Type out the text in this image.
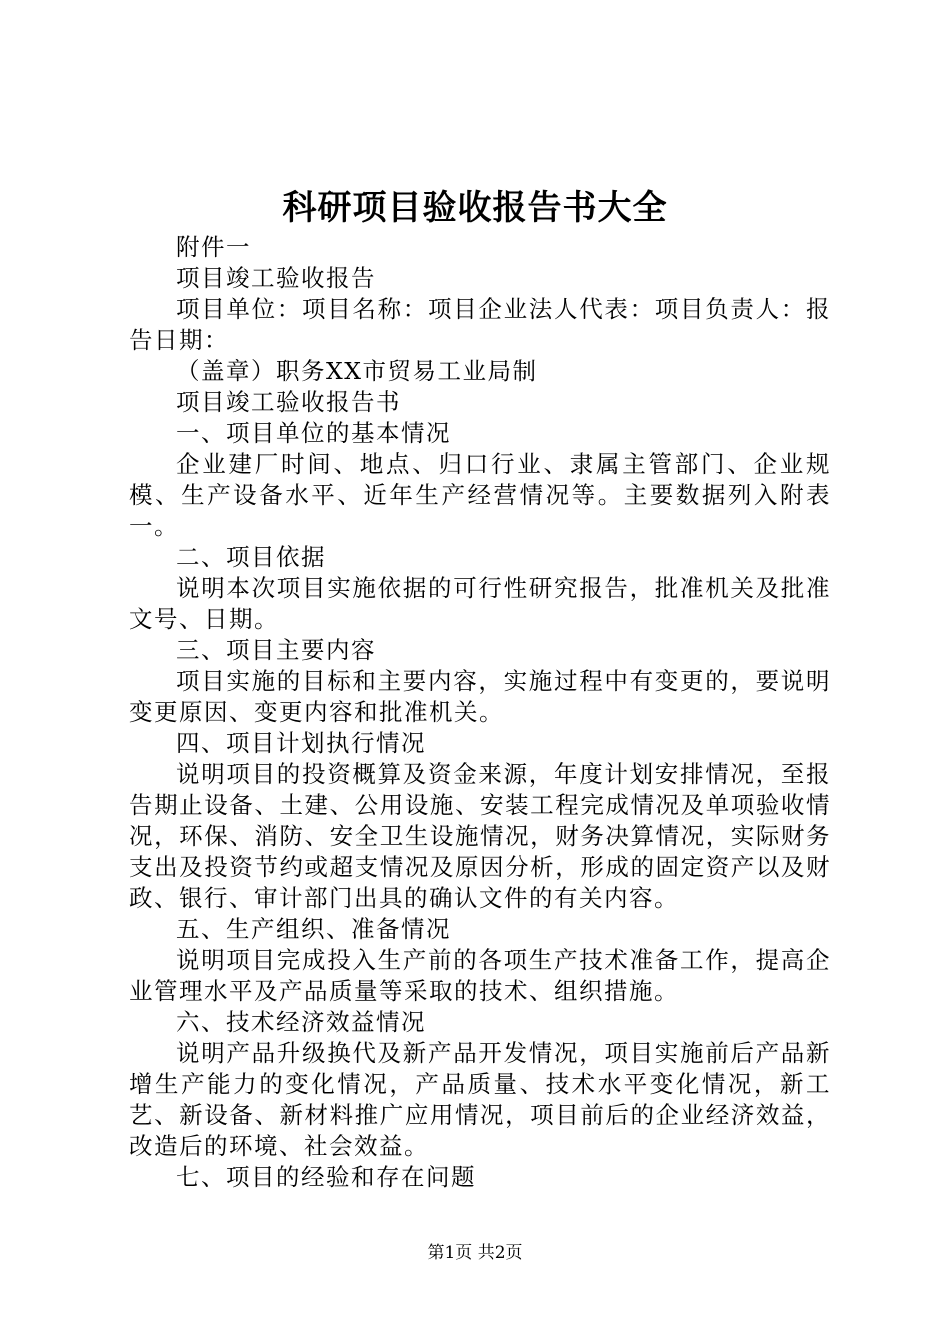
科研项目验收报告书大全

附件一

项目竣工验收报告

项目单位：项目名称：项目企业法人代表：项目负责人：报告日期：

（盖章）职务XX市贸易工业局制

项目竣工验收报告书

一、项目单位的基本情况

企业建厂时间、地点、归口行业、隶属主管部门、企业规模、生产设备水平、近年生产经营情况等。主要数据列入附表一。

二、项目依据

说明本次项目实施依据的可行性研究报告，批准机关及批准文号、日期。

三、项目主要内容

项目实施的目标和主要内容，实施过程中有变更的，要说明变更原因、变更内容和批准机关。

四、项目计划执行情况

说明项目的投资概算及资金来源，年度计划安排情况，至报告期止设备、土建、公用设施、安装工程完成情况及单项验收情况，环保、消防、安全卫生设施情况，财务决算情况，实际财务支出及投资节约或超支情况及原因分析，形成的固定资产以及财政、银行、审计部门出具的确认文件的有关内容。

五、生产组织、准备情况

说明项目完成投入生产前的各项生产技术准备工作，提高企业管理水平及产品质量等采取的技术、组织措施。

六、技术经济效益情况

说明产品升级换代及新产品开发情况，项目实施前后产品新增生产能力的变化情况，产品质量、技术水平变化情况，新工艺、新设备、新材料推广应用情况，项目前后的企业经济效益，改造后的环境、社会效益。

七、项目的经验和存在问题

第1页 共2页
